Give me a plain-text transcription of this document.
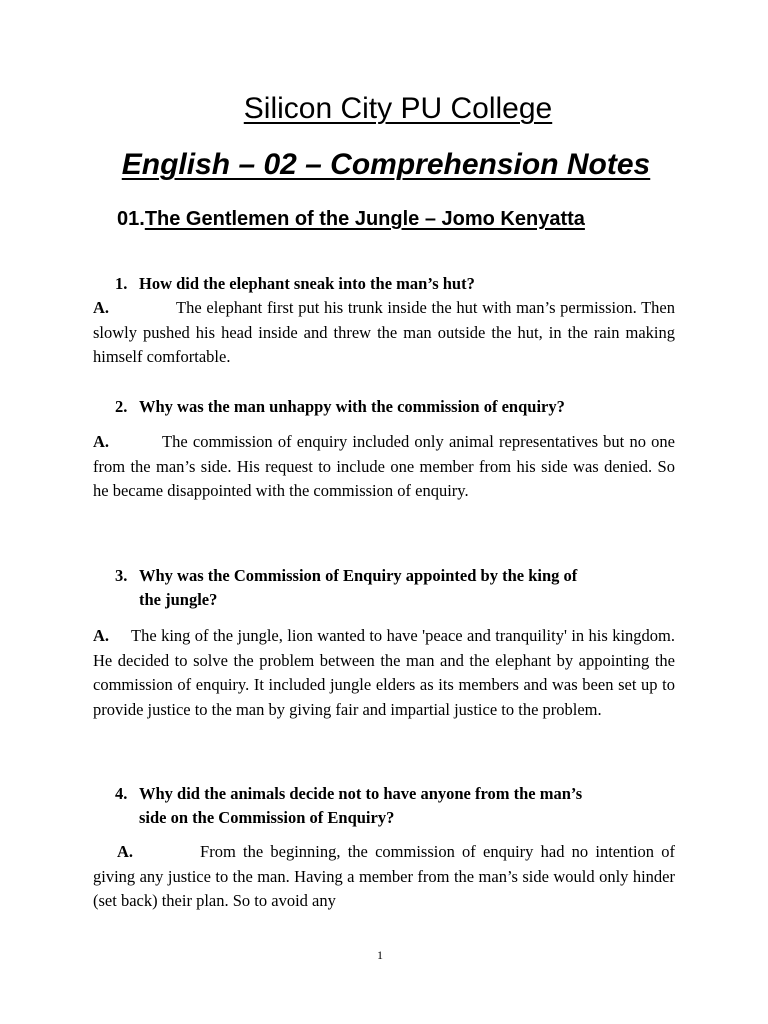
Silicon City PU College
English – 02 – Comprehension Notes
01.The Gentlemen of the Jungle – Jomo Kenyatta
1. How did the elephant sneak into the man’s hut?
A.	The elephant first put his trunk inside the hut with man’s permission. Then slowly pushed his head inside and threw the man outside the hut, in the rain making himself comfortable.
2. Why was the man unhappy with the commission of enquiry?
A.	The commission of enquiry included only animal representatives but no one from the man’s side. His request to include one member from his side was denied. So he became disappointed with the commission of enquiry.
3. Why was the Commission of Enquiry appointed by the king of
the jungle?
A. The king of the jungle, lion wanted to have 'peace and tranquility' in his kingdom. He decided to solve the problem between the man and the elephant by appointing the commission of enquiry. It included jungle elders as its members and was been set up to provide justice to the man by giving fair and impartial justice to the problem.
4. Why did the animals decide not to have anyone from the man’s
side on the Commission of Enquiry?
A.	From the beginning, the commission of enquiry had no intention of giving any justice to the man. Having a member from the man’s side would only hinder (set back) their plan. So to avoid any
1
